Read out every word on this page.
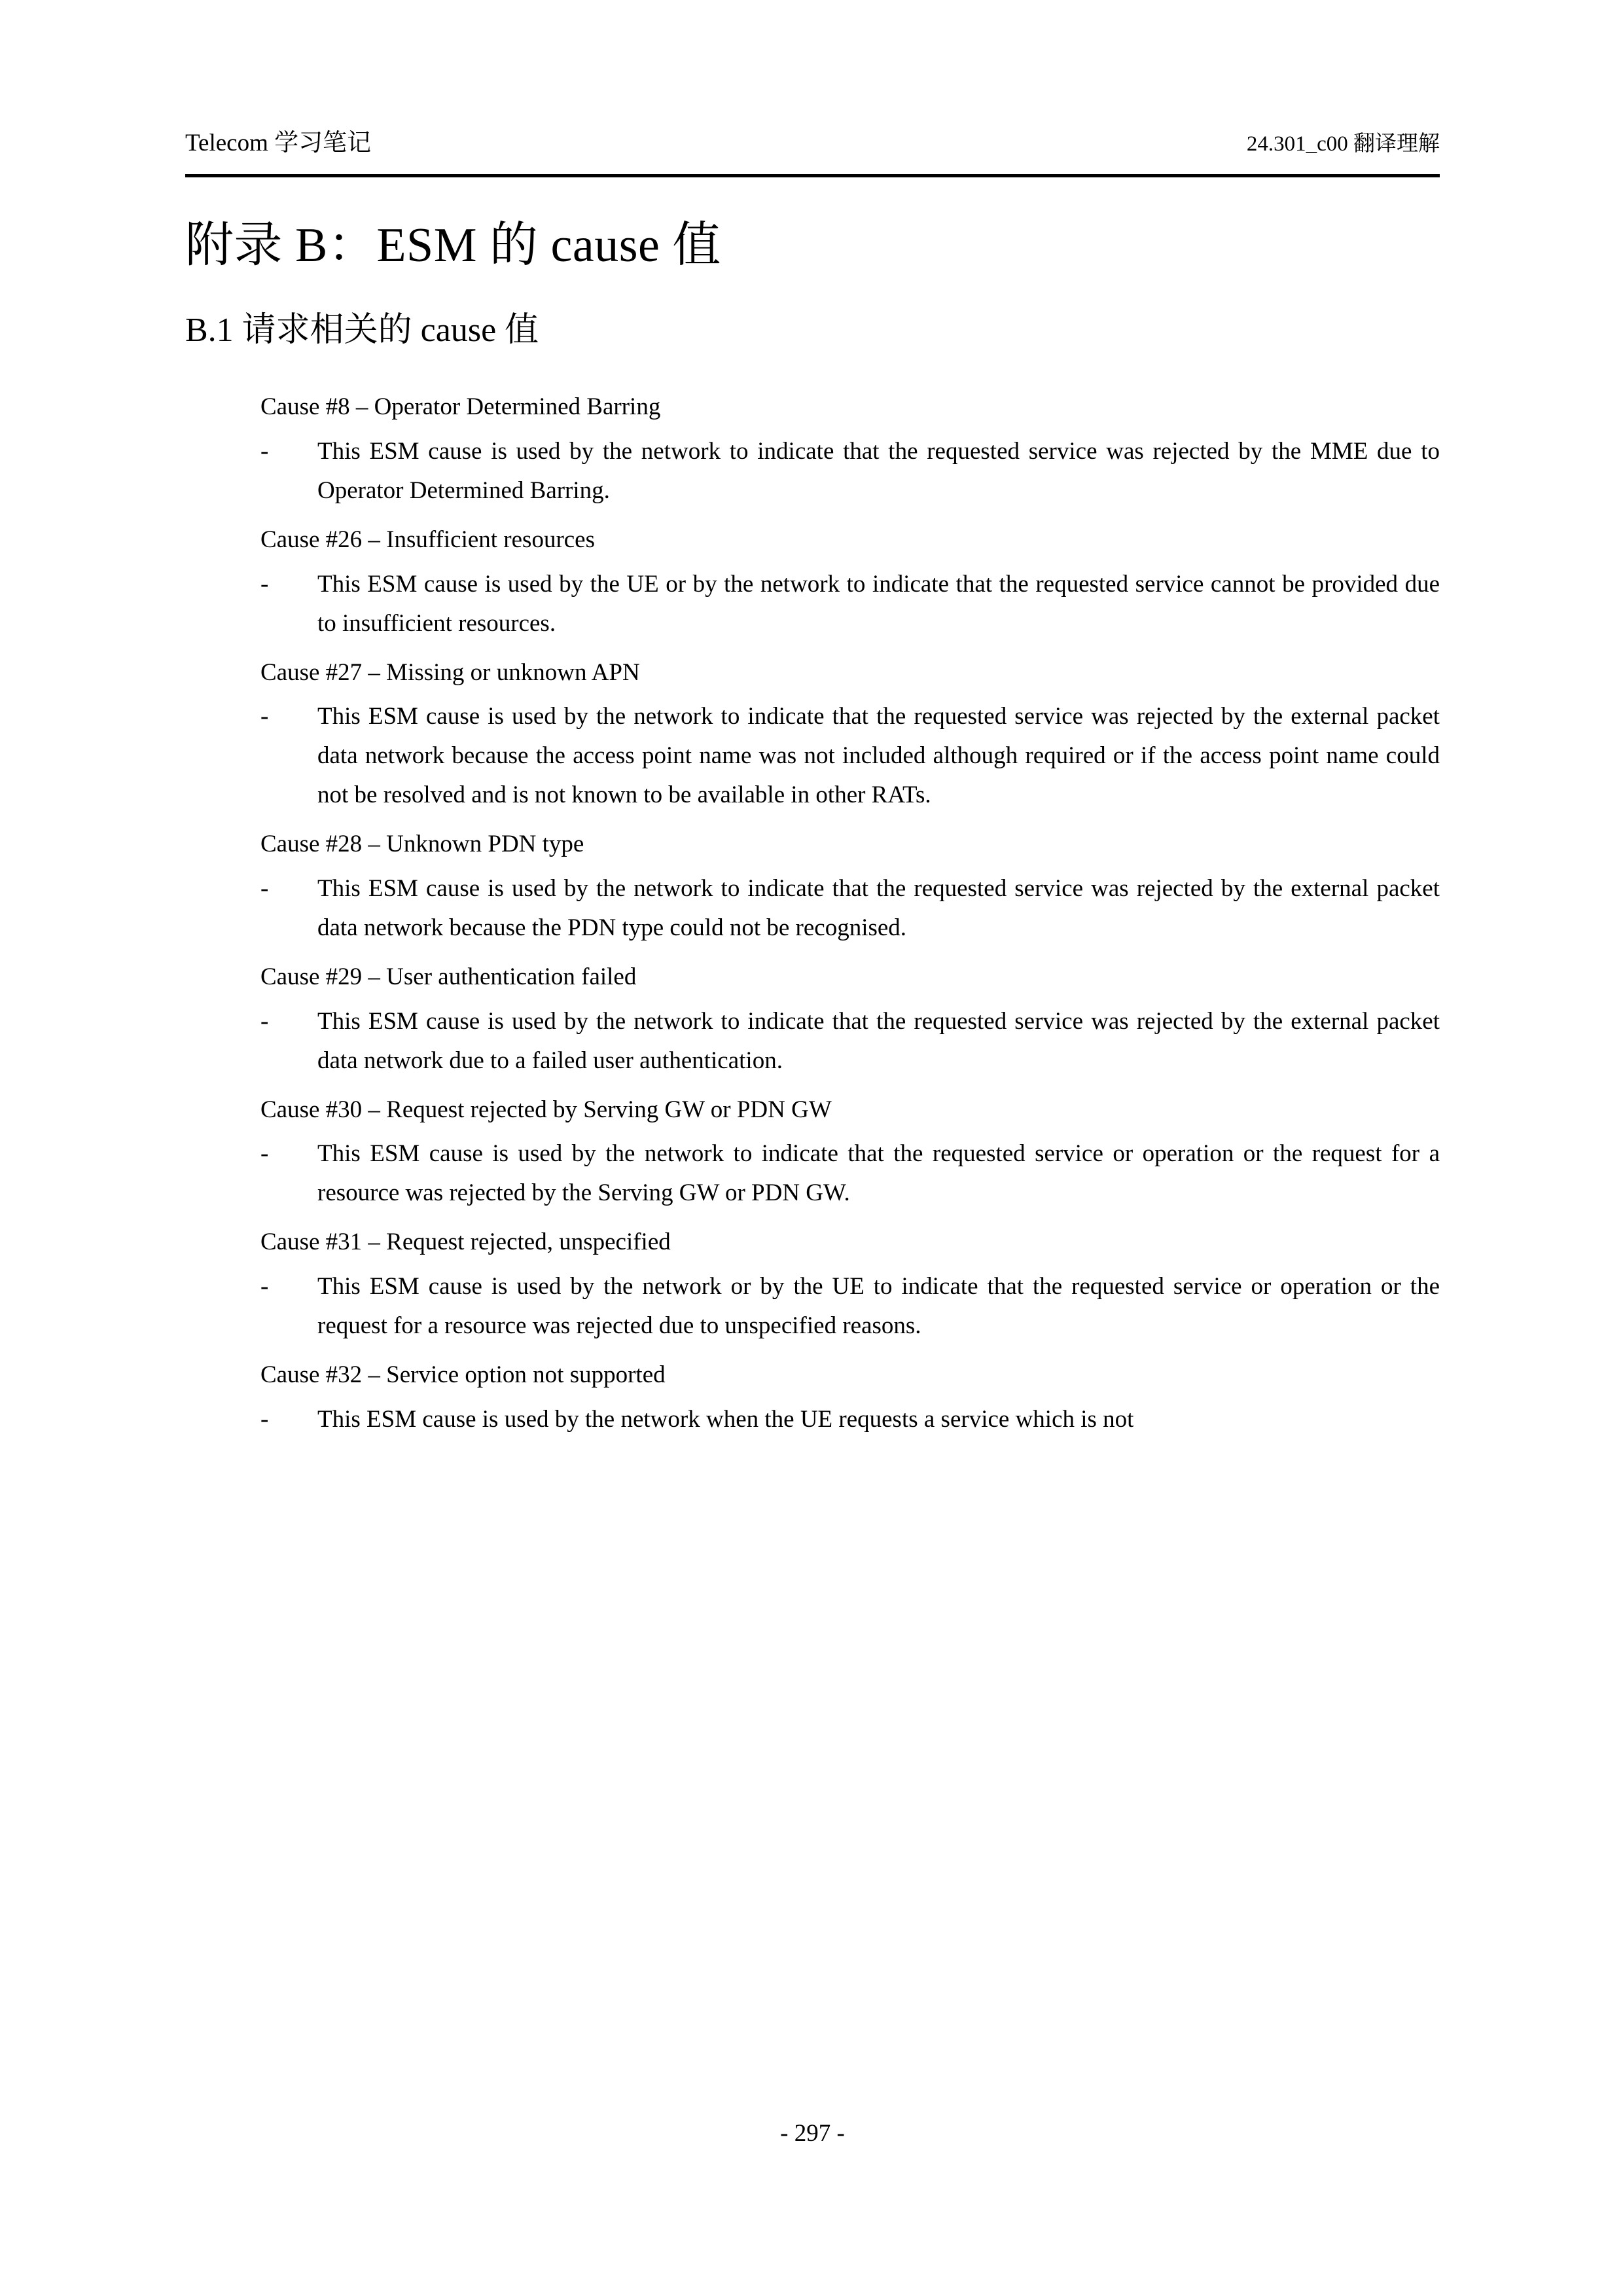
Telecom 学习笔记	24.301_c00 翻译理解
附录 B：ESM 的 cause 值
B.1 请求相关的 cause 值
Cause #8 – Operator Determined Barring
-	This ESM cause is used by the network to indicate that the requested service was rejected by the MME due to Operator Determined Barring.
Cause #26 – Insufficient resources
-	This ESM cause is used by the UE or by the network to indicate that the requested service cannot be provided due to insufficient resources.
Cause #27 – Missing or unknown APN
-	This ESM cause is used by the network to indicate that the requested service was rejected by the external packet data network because the access point name was not included although required or if the access point name could not be resolved and is not known to be available in other RATs.
Cause #28 – Unknown PDN type
-	This ESM cause is used by the network to indicate that the requested service was rejected by the external packet data network because the PDN type could not be recognised.
Cause #29 – User authentication failed
-	This ESM cause is used by the network to indicate that the requested service was rejected by the external packet data network due to a failed user authentication.
Cause #30 – Request rejected by Serving GW or PDN GW
-	This ESM cause is used by the network to indicate that the requested service or operation or the request for a resource was rejected by the Serving GW or PDN GW.
Cause #31 – Request rejected, unspecified
-	This ESM cause is used by the network or by the UE to indicate that the requested service or operation or the request for a resource was rejected due to unspecified reasons.
Cause #32 – Service option not supported
-	This ESM cause is used by the network when the UE requests a service which is not
- 297 -
